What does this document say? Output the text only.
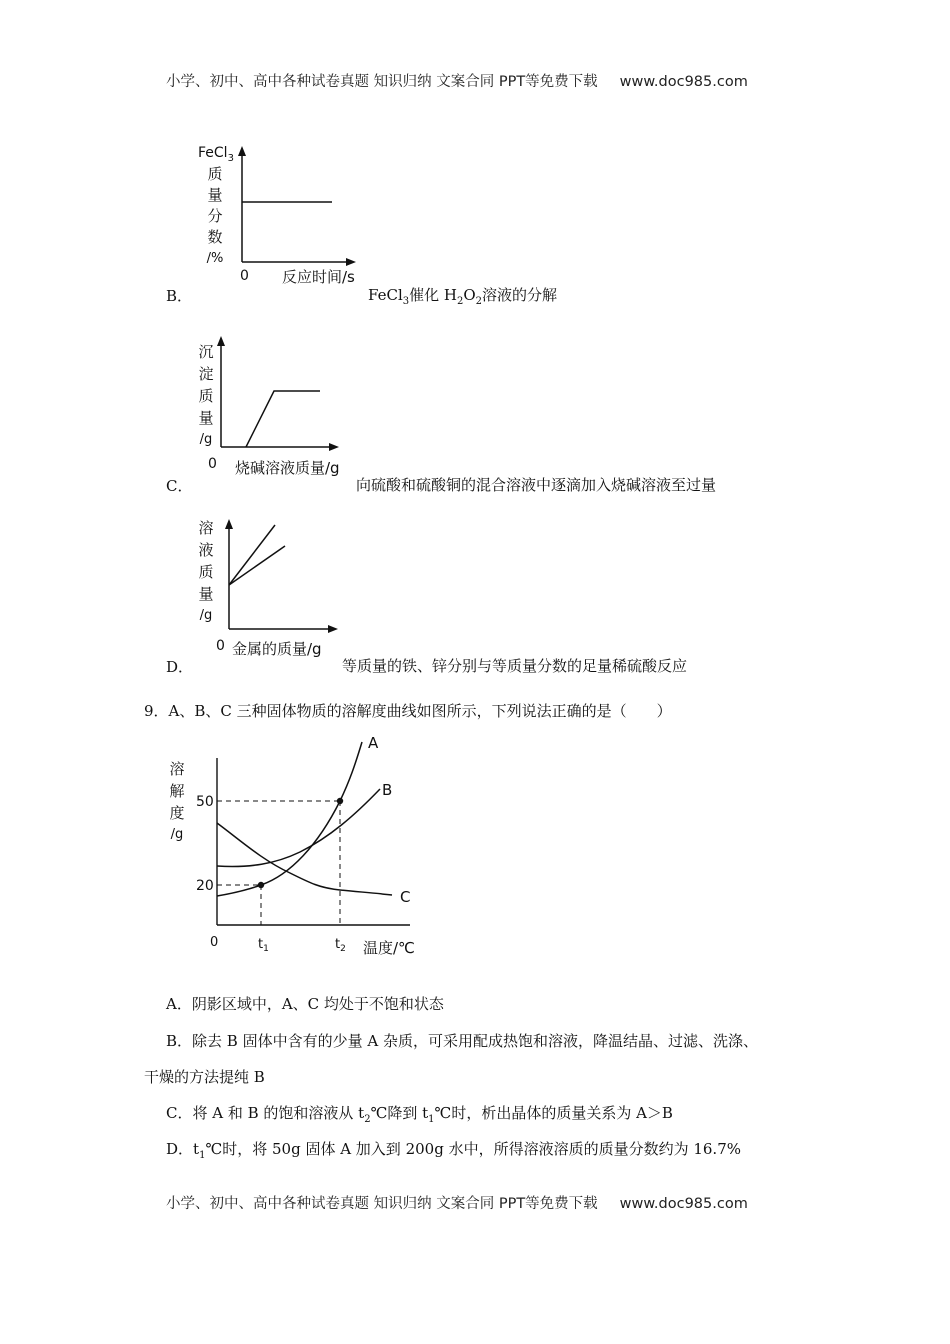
小学、初中、高中各种试卷真题 知识归纳 文案合同 PPT等免费下载 www.doc985.com
FeCl$_3$
质
量
分
数
/%
0 反应时间/s
B．	FeCl$_3$催化 $H_2O_2$溶液的分解
沉
淀
质
量
/g
0 烧碱溶液质量/g
C．	向硫酸和硫酸铜的混合溶液中逐滴加入烧碱溶液至过量
溶
液
质
量
/g
0 金属的质量/g
D．	等质量的铁、锌分别与等质量分数的足量稀硫酸反应
9．A、B、C 三种固体物质的溶解度曲线如图所示，下列说法正确的是（　　）
溶
解
度
/g
A
B
C
50
20
0	$t_1$	$t_2$ 温度/℃
A．阴影区域中，A、C 均处于不饱和状态
B．除去 B 固体中含有的少量 A 杂质，可采用配成热饱和溶液，降温结晶、过滤、洗涤、
干燥的方法提纯 B
C．将 A 和 B 的饱和溶液从 $t_2℃$降到 $t_1℃$时，析出晶体的质量关系为 A＞B
D．$t_1℃$时，将 50g 固体 A 加入到 200g 水中，所得溶液溶质的质量分数约为 16.7%
小学、初中、高中各种试卷真题 知识归纳 文案合同 PPT等免费下载 www.doc985.com
